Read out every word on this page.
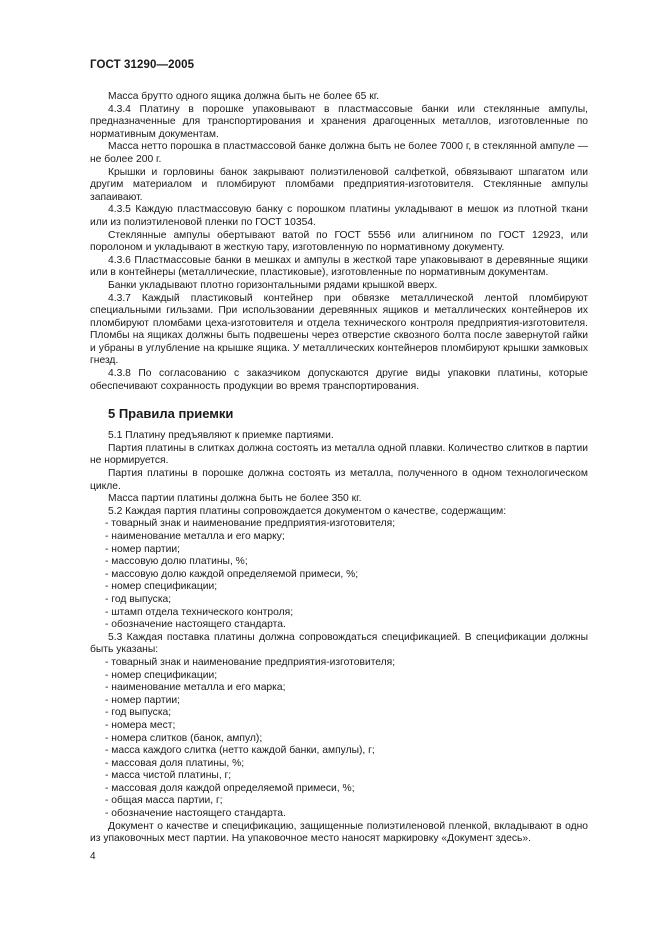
ГОСТ 31290—2005

Масса брутто одного ящика должна быть не более 65 кг.

4.3.4 Платину в порошке упаковывают в пластмассовые банки или стеклянные ампулы, предназначенные для транспортирования и хранения драгоценных металлов, изготовленные по нормативным документам.

Масса нетто порошка в пластмассовой банке должна быть не более 7000 г, в стеклянной ампуле — не более 200 г.

Крышки и горловины банок закрывают полиэтиленовой салфеткой, обвязывают шпагатом или другим материалом и пломбируют пломбами предприятия-изготовителя. Стеклянные ампулы запаивают.

4.3.5 Каждую пластмассовую банку с порошком платины укладывают в мешок из плотной ткани или из полиэтиленовой пленки по ГОСТ 10354.

Стеклянные ампулы обертывают ватой по ГОСТ 5556 или алигнином по ГОСТ 12923, или поролоном и укладывают в жесткую тару, изготовленную по нормативному документу.

4.3.6 Пластмассовые банки в мешках и ампулы в жесткой таре упаковывают в деревянные ящики или в контейнеры (металлические, пластиковые), изготовленные по нормативным документам.

Банки укладывают плотно горизонтальными рядами крышкой вверх.

4.3.7 Каждый пластиковый контейнер при обвязке металлической лентой пломбируют специальными гильзами. При использовании деревянных ящиков и металлических контейнеров их пломбируют пломбами цеха-изготовителя и отдела технического контроля предприятия-изготовителя. Пломбы на ящиках должны быть подвешены через отверстие сквозного болта после завернутой гайки и убраны в углубление на крышке ящика. У металлических контейнеров пломбируют крышки замковых гнезд.

4.3.8 По согласованию с заказчиком допускаются другие виды упаковки платины, которые обеспечивают сохранность продукции во время транспортирования.

5 Правила приемки

5.1 Платину предъявляют к приемке партиями.

Партия платины в слитках должна состоять из металла одной плавки. Количество слитков в партии не нормируется.

Партия платины в порошке должна состоять из металла, полученного в одном технологическом цикле.

Масса партии платины должна быть не более 350 кг.

5.2 Каждая партия платины сопровождается документом о качестве, содержащим:

- товарный знак и наименование предприятия-изготовителя;

- наименование металла и его марку;

- номер партии;

- массовую долю платины, %;

- массовую долю каждой определяемой примеси, %;

- номер спецификации;

- год выпуска;

- штамп отдела технического контроля;

- обозначение настоящего стандарта.

5.3 Каждая поставка платины должна сопровождаться спецификацией. В спецификации должны быть указаны:

- товарный знак и наименование предприятия-изготовителя;

- номер спецификации;

- наименование металла и его марка;

- номер партии;

- год выпуска;

- номера мест;

- номера слитков (банок, ампул);

- масса каждого слитка (нетто каждой банки, ампулы), г;

- массовая доля платины, %;

- масса чистой платины, г;

- массовая доля каждой определяемой примеси, %;

- общая масса партии, г;

- обозначение настоящего стандарта.

Документ о качестве и спецификацию, защищенные полиэтиленовой пленкой, вкладывают в одно из упаковочных мест партии. На упаковочное место наносят маркировку «Документ здесь».

4
